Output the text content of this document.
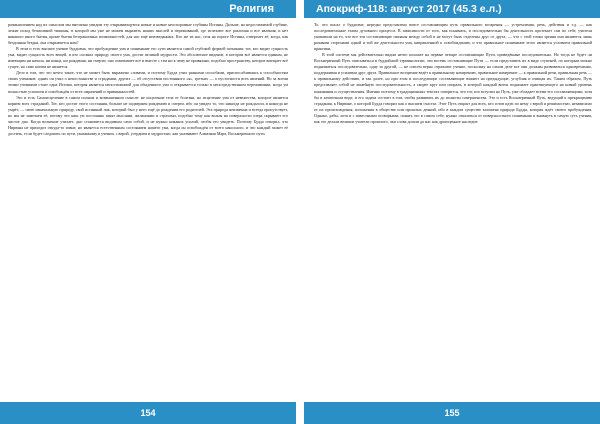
Религия

размышлением над их смыслом мы внезапно увидим эту открывающуюся новые и новые неоспоримые глубины Истины. Дальше, на недостижимой глубине, лежит исход безмолвной тишины, в которой мы уже не можем выразить наших мыслей и переживаний, где исчезают все различия и все явления, и нет никакого иного бытия, кроме бытия безграничных возможностей, для нас ещё неизведанных. Кто же из нас, стоя на пороге Истины, отвергнет её, когда, как бездонная бездна, она открывается нам?

В этом и есть высшее учение буддизма, что пробуждение ума и понимание его сути является самой глубокой формой познания: тот, кто видит сущность ума, видит сущность всех вещей, и кто осознал природу своего ума, достиг великой мудрости. Это абсолютное видение, в котором всё является единым, не имеющим ни начала, ни конца, ни рождения, ни смерти; оно охватывает всё и вместе с тем ни к чему не привязано, подобно пространству, которое вмещает всё сущее, но само ничем не является.

Дело в том, что это нечто такое, что не может быть выражено словами, и поэтому Будда учил разными способами, приспосабливаясь к способностям своих учеников: одних он учил о непостоянстве и страдании, других — об отсутствии постоянного «я», третьих — о пустотности всех явлений. Но за всеми этими учениями стоит одна Истина, которая является непостижимой для обыденного ума и открывается только в непосредственном переживании, когда ум полностью успокоен и освобождён от всех омрачений и привязанностей.

Это и есть Самоисцеление в самом полном и возвышенном смысле: не исцеление тела от болезни, но исцеление ума от невежества, которое является корнем всех страданий. Тот, кто достиг этого состояния, больше не подвержен рождению и смерти, ибо он увидел то, что никогда не рождалось и никогда не умрёт, — свою изначальную природу, свой истинный лик, который был у него ещё до рождения его родителей. Эта природа неизменна и всегда присутствует, но мы не замечаем её, потому что наш ум постоянно занят мыслями, желаниями и страхами, подобно тому как волны на поверхности озера скрывают его чистое дно. Когда волнение утихает, дно становится видимым само собой, и не нужно никаких усилий, чтобы его увидеть. Поэтому Будда говорил, что Нирвана не приходит откуда-то извне, но является естественным состоянием нашего ума, когда он освобождён от всего наносного, и что каждый может её достичь, если будет следовать по пути, указанному в учении, с верой, усердием и мудростью, как указывают Алмазная Мара, Восьмеричного пути.

154
Апокриф-118: август 2017 (45.3 е.л.)

То, что писал о буддизме, нередко представлено вовсе составляющим путь правильного воззрения — устремления, речь, действия и т.д. — как последовательные этапы духовного процесса. В зависимости от того, как понимать, и последовательно бы деятельность протекает сам по себе, учителя указывали на то, что все эти составляющие связаны между собой и не могут быть отделены друг от друга, — что с этой точки зрения они являются лишь разными сторонами одной и той же деятельности ума, направленной к освобождению, и что правильное понимание этого является условием правильной практики.

В этой системе мы действительно видим нечто похожее на первые четыре составляющие Пути, приведённые последовательно. Но тогда не будет ли Восьмеричный Путь описываться в буддийской терминологии, эти восемь составляющие Пути — если представить их в виде ступеней, по которым можно подниматься последовательно, одну за другой, — не совсем верно отражают учение, поскольку на самом деле все они должны развиваться одновременно, поддерживая и усиливая друг друга. Правильное воззрение ведёт к правильному намерению, правильное намерение — к правильной речи, правильная речь — к правильному действию, и так далее, но при этом и последующие составляющие влияют на предыдущие, углубляя и очищая их. Таким образом, Путь представляет собой не линейную последовательность, а скорее круг или спираль, в которой каждый виток поднимает практикующего на новый уровень понимания и осуществления. Именно поэтому в традиционных текстах говорится, что тот, кто вступил на Путь, уже обладает всеми его составляющими, хотя бы в зачаточном виде, и его задача состоит в том, чтобы развивать их до полноты совершенства. Это и есть Восьмеричный Путь, ведущий к прекращению страдания, к Нирване, о которой Будда говорил как о высшем счастье. Этот Путь открыт для всех, кто готов идти по нему с верой и решимостью, независимо от их происхождения, положения в обществе или прошлых деяний, ибо в каждом существе заложена природа Будды, которая ждёт своего пробуждения. Однако, дабы, хотя и с известными оговорками, понять это в самом себе, нужно отказаться от поверхностного понимания и вникнуть в самую суть учения, как это делали великие учители прошлого, чьи слова дошли до нас как драгоценное наследие.

155
